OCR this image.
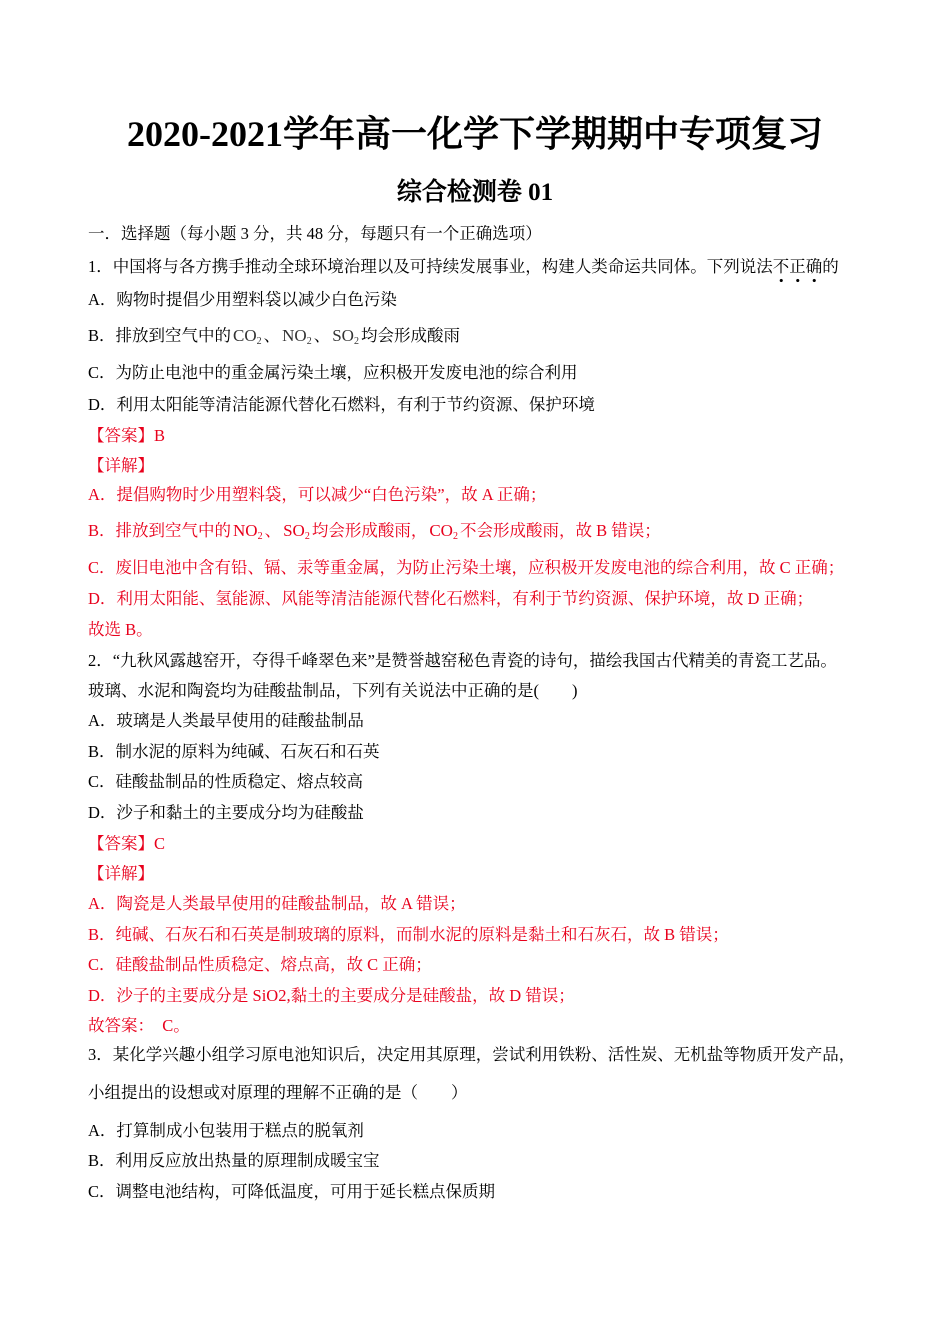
2020-2021学年高一化学下学期期中专项复习
综合检测卷 01
一．选择题（每小题 3 分，共 48 分，每题只有一个正确选项）
1．中国将与各方携手推动全球环境治理以及可持续发展事业，构建人类命运共同体。下列说法不正确的
A．购物时提倡少用塑料袋以减少白色污染
B．排放到空气中的 $CO_2$ 、 $NO_2$ 、 $SO_2$ 均会形成酸雨
C．为防止电池中的重金属污染土壤，应积极开发废电池的综合利用
D．利用太阳能等清洁能源代替化石燃料，有利于节约资源、保护环境
【答案】B
【详解】
A．提倡购物时少用塑料袋，可以减少“白色污染”，故 A 正确；
B．排放到空气中的 $NO_2$ 、 $SO_2$ 均会形成酸雨， $CO_2$ 不会形成酸雨，故 B 错误；
C．废旧电池中含有铅、镉、汞等重金属，为防止污染土壤，应积极开发废电池的综合利用，故 C 正确；
D．利用太阳能、氢能源、风能等清洁能源代替化石燃料，有利于节约资源、保护环境，故 D 正确；
故选 B。
2．“九秋风露越窑开，夺得千峰翠色来”是赞誉越窑秘色青瓷的诗句，描绘我国古代精美的青瓷工艺品。
玻璃、水泥和陶瓷均为硅酸盐制品，下列有关说法中正确的是(　　)
A．玻璃是人类最早使用的硅酸盐制品
B．制水泥的原料为纯碱、石灰石和石英
C．硅酸盐制品的性质稳定、熔点较高
D．沙子和黏土的主要成分均为硅酸盐
【答案】C
【详解】
A．陶瓷是人类最早使用的硅酸盐制品，故 A 错误；
B．纯碱、石灰石和石英是制玻璃的原料，而制水泥的原料是黏土和石灰石，故 B 错误；
C．硅酸盐制品性质稳定、熔点高，故 C 正确；
D．沙子的主要成分是 SiO2,黏土的主要成分是硅酸盐，故 D 错误；
故答案：　C。
3．某化学兴趣小组学习原电池知识后，决定用其原理，尝试利用铁粉、活性炭、无机盐等物质开发产品，
小组提出的设想或对原理的理解不正确的是（　　）
A．打算制成小包装用于糕点的脱氧剂
B．利用反应放出热量的原理制成暖宝宝
C．调整电池结构，可降低温度，可用于延长糕点保质期
